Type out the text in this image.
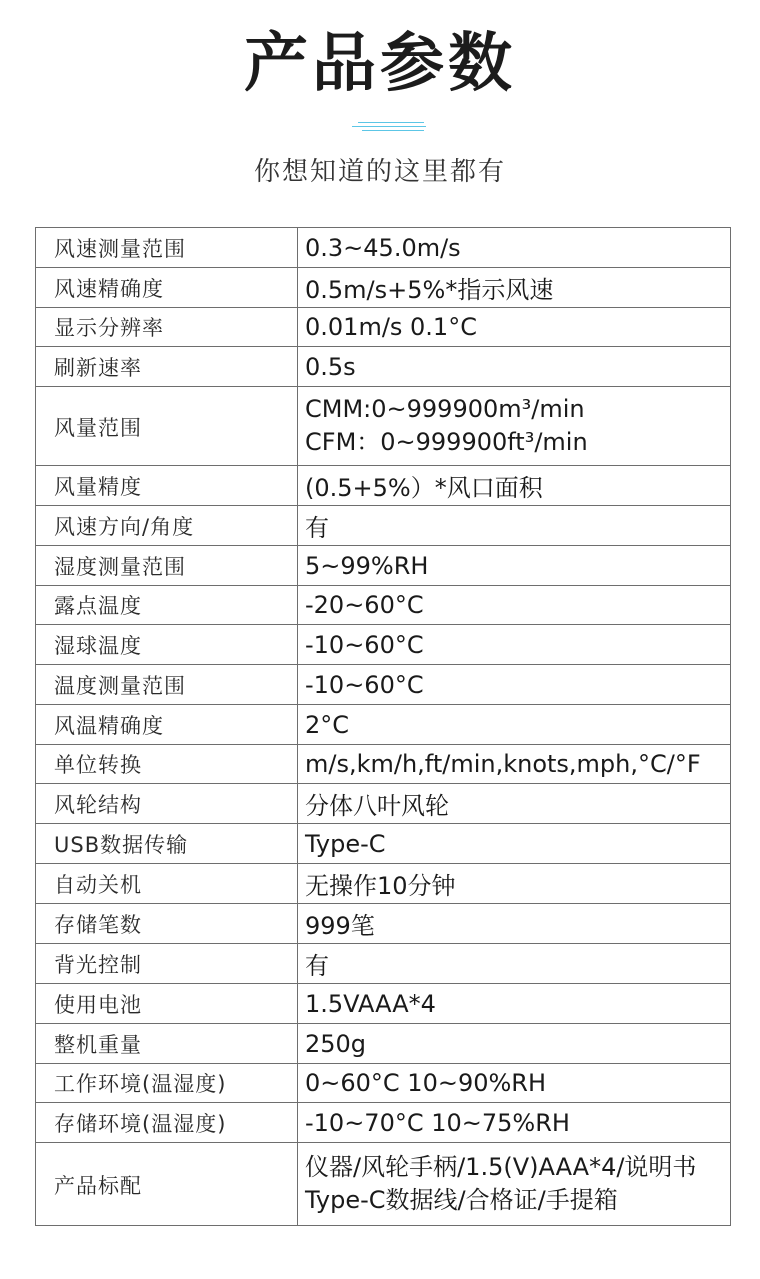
产品参数
你想知道的这里都有
风速测量范围	0.3~45.0m/s
风速精确度	0.5m/s+5%*指示风速
显示分辨率	0.01m/s 0.1°C
刷新速率	0.5s
风量范围	CMM:0~999900m³/min
CFM：0~999900ft³/min

风量精度	(0.5+5%）*风口面积
风速方向/角度	有
湿度测量范围	5~99%RH
露点温度	-20~60°C
湿球温度	-10~60°C
温度测量范围	-10~60°C
风温精确度	2°C
单位转换	m/s,km/h,ft/min,knots,mph,°C/°F
风轮结构	分体八叶风轮
USB数据传输	Type-C
自动关机	无操作10分钟
存储笔数	999笔
背光控制	有
使用电池	1.5VAAA*4
整机重量	250g
工作环境(温湿度)	0~60°C 10~90%RH
存储环境(温湿度)	-10~70°C 10~75%RH
产品标配	仪器/风轮手柄/1.5(V)AAA*4/说明书
Type-C数据线/合格证/手提箱
